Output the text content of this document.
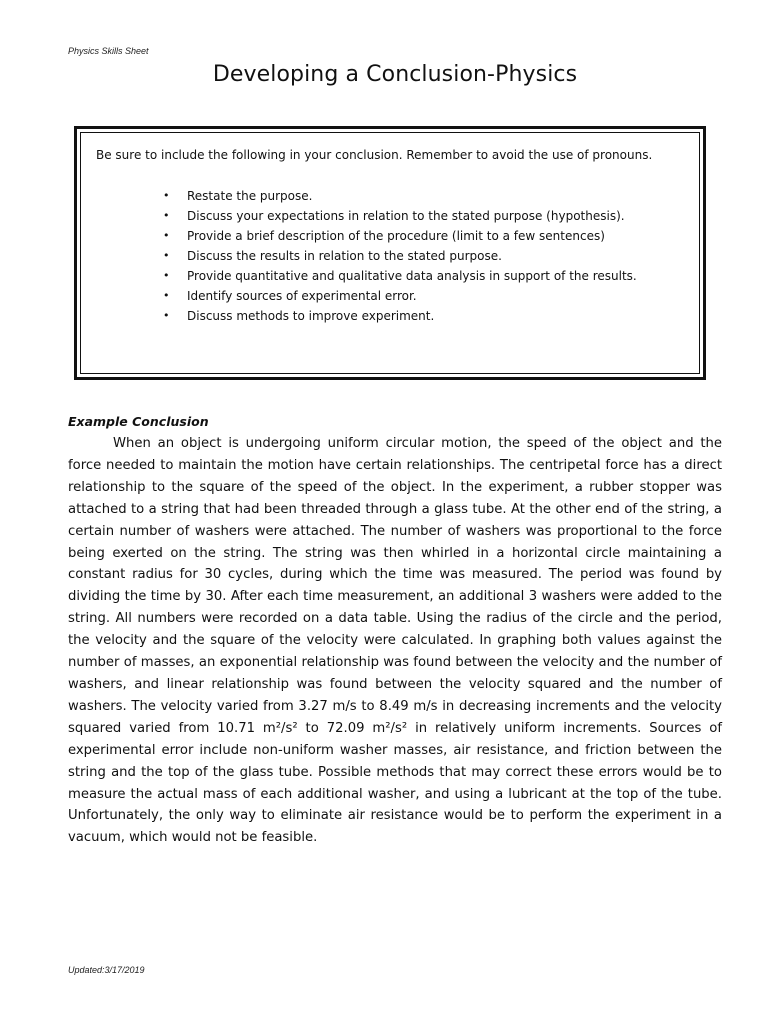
Physics Skills Sheet
Developing a Conclusion-Physics
Be sure to include the following in your conclusion. Remember to avoid the use of pronouns.
• Restate the purpose.
• Discuss your expectations in relation to the stated purpose (hypothesis).
• Provide a brief description of the procedure (limit to a few sentences)
• Discuss the results in relation to the stated purpose.
• Provide quantitative and qualitative data analysis in support of the results.
• Identify sources of experimental error.
• Discuss methods to improve experiment.
Example Conclusion

When an object is undergoing uniform circular motion, the speed of the object and the force needed to maintain the motion have certain relationships. The centripetal force has a direct relationship to the square of the speed of the object. In the experiment, a rubber stopper was attached to a string that had been threaded through a glass tube. At the other end of the string, a certain number of washers were attached. The number of washers was proportional to the force being exerted on the string. The string was then whirled in a horizontal circle maintaining a constant radius for 30 cycles, during which the time was measured. The period was found by dividing the time by 30. After each time measurement, an additional 3 washers were added to the string. All numbers were recorded on a data table. Using the radius of the circle and the period, the velocity and the square of the velocity were calculated. In graphing both values against the number of masses, an exponential relationship was found between the velocity and the number of washers, and linear relationship was found between the velocity squared and the number of washers. The velocity varied from 3.27 m/s to 8.49 m/s in decreasing increments and the velocity squared varied from 10.71 m²/s² to 72.09 m²/s² in relatively uniform increments. Sources of experimental error include non-uniform washer masses, air resistance, and friction between the string and the top of the glass tube. Possible methods that may correct these errors would be to measure the actual mass of each additional washer, and using a lubricant at the top of the tube. Unfortunately, the only way to eliminate air resistance would be to perform the experiment in a vacuum, which would not be feasible.

Updated:3/17/2019
